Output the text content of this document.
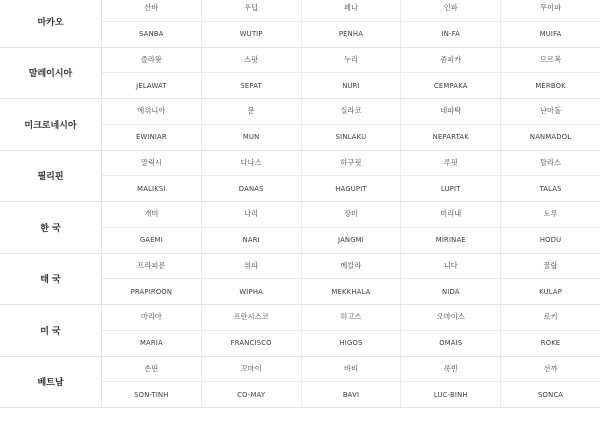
마카오
산바	우딥	페나	인파	무이파
SANBA	WUTIP	PENHA	IN-FA	MUIFA
말레이시아
즐라왓	스팟	누리	좀피카	므르복
JELAWAT	SEPAT	NURI	CEMPAKA	MERBOK
미크로네시아
에위니아	문	실라코	네파탁	난마돌
EWINIAR	MUN	SINLAKU	NEPARTAK	NANMADOL
필리핀
말릭시	다나스	하구핏	루핏	탈라스
MALIKSI	DANAS	HAGUPIT	LUPIT	TALAS
한 국
개미	나리	장미	미리내	노루
GAEMI	NARI	JANGMI	MIRINAE	HODU
태 국
프라피룬	위파	메칼라	니다	꿀랍
PRAPIROON	WIPHA	MEKKHALA	NIDA	KULAP
미 국
마리아	프란시스코	히고스	오마이스	로키
MARIA	FRANCISCO	HIGOS	OMAIS	ROKE
베트남
손띤	꼬마이	바비	룩빈	선까
SON-TINH	CO-MAY	BAVI	LUC-BINH	SONCA
